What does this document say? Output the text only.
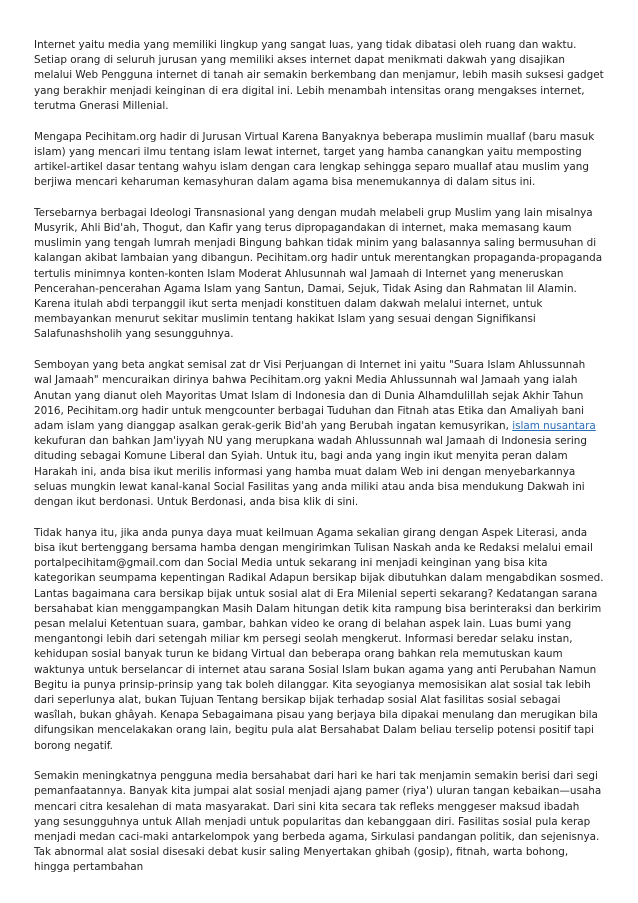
Internet yaitu media yang memiliki lingkup yang sangat luas, yang tidak dibatasi oleh ruang dan waktu. Setiap orang di seluruh jurusan yang memiliki akses internet dapat menikmati dakwah yang disajikan melalui Web Pengguna internet di tanah air semakin berkembang dan menjamur, lebih masih suksesi gadget yang berakhir menjadi keinginan di era digital ini. Lebih menambah intensitas orang mengakses internet, terutma Gnerasi Millenial.

Mengapa Pecihitam.org hadir di Jurusan Virtual Karena Banyaknya beberapa muslimin muallaf (baru masuk islam) yang mencari ilmu tentang islam lewat internet, target yang hamba canangkan yaitu memposting artikel-artikel dasar tentang wahyu islam dengan cara lengkap sehingga separo muallaf atau muslim yang berjiwa mencari keharuman kemasyhuran dalam agama bisa menemukannya di dalam situs ini.

Tersebarnya berbagai Ideologi Transnasional yang dengan mudah melabeli grup Muslim yang lain misalnya Musyrik, Ahli Bid'ah, Thogut, dan Kafir yang terus dipropagandakan di internet, maka memasang kaum muslimin yang tengah lumrah menjadi Bingung bahkan tidak minim yang balasannya saling bermusuhan di kalangan akibat lambaian yang dibangun. Pecihitam.org hadir untuk merentangkan propaganda-propaganda tertulis minimnya konten-konten Islam Moderat Ahlusunnah wal Jamaah di Internet yang meneruskan Pencerahan-pencerahan Agama Islam yang Santun, Damai, Sejuk, Tidak Asing dan Rahmatan lil Alamin. Karena itulah abdi terpanggil ikut serta menjadi konstituen dalam dakwah melalui internet, untuk membayankan menurut sekitar muslimin tentang hakikat Islam yang sesuai dengan Signifikansi Salafunashsholih yang sesungguhnya.

Semboyan yang beta angkat semisal zat dr Visi Perjuangan di Internet ini yaitu "Suara Islam Ahlussunnah wal Jamaah" mencuraikan dirinya bahwa Pecihitam.org yakni Media Ahlussunnah wal Jamaah yang ialah Anutan yang dianut oleh Mayoritas Umat Islam di Indonesia dan di Dunia Alhamdulillah sejak Akhir Tahun 2016, Pecihitam.org hadir untuk mengcounter berbagai Tuduhan dan Fitnah atas Etika dan Amaliyah bani adam islam yang dianggap asalkan gerak-gerik Bid'ah yang Berubah ingatan kemusyrikan, islam nusantara kekufuran dan bahkan Jam'iyyah NU yang merupkana wadah Ahlussunnah wal Jamaah di Indonesia sering dituding sebagai Komune Liberal dan Syiah. Untuk itu, bagi anda yang ingin ikut menyita peran dalam Harakah ini, anda bisa ikut merilis informasi yang hamba muat dalam Web ini dengan menyebarkannya seluas mungkin lewat kanal-kanal Social Fasilitas yang anda miliki atau anda bisa mendukung Dakwah ini dengan ikut berdonasi. Untuk Berdonasi, anda bisa klik di sini.

Tidak hanya itu, jika anda punya daya muat keilmuan Agama sekalian girang dengan Aspek Literasi, anda bisa ikut bertenggang bersama hamba dengan mengirimkan Tulisan Naskah anda ke Redaksi melalui email portalpecihitam@gmail.com dan Social Media untuk sekarang ini menjadi keinginan yang bisa kita kategorikan seumpama kepentingan Radikal Adapun bersikap bijak dibutuhkan dalam mengabdikan sosmed. Lantas bagaimana cara bersikap bijak untuk sosial alat di Era Milenial seperti sekarang? Kedatangan sarana bersahabat kian menggampangkan Masih Dalam hitungan detik kita rampung bisa berinteraksi dan berkirim pesan melalui Ketentuan suara, gambar, bahkan video ke orang di belahan aspek lain. Luas bumi yang mengantongi lebih dari setengah miliar km persegi seolah mengkerut. Informasi beredar selaku instan, kehidupan sosial banyak turun ke bidang Virtual dan beberapa orang bahkan rela memutuskan kaum waktunya untuk berselancar di internet atau sarana Sosial Islam bukan agama yang anti Perubahan Namun Begitu ia punya prinsip-prinsip yang tak boleh dilanggar. Kita seyogianya memosisikan alat sosial tak lebih dari seperlunya alat, bukan Tujuan Tentang bersikap bijak terhadap sosial Alat fasilitas sosial sebagai wasîlah, bukan ghâyah. Kenapa Sebagaimana pisau yang berjaya bila dipakai menulang dan merugikan bila difungsikan mencelakakan orang lain, begitu pula alat Bersahabat Dalam beliau terselip potensi positif tapi borong negatif.

Semakin meningkatnya pengguna media bersahabat dari hari ke hari tak menjamin semakin berisi dari segi pemanfaatannya. Banyak kita jumpai alat sosial menjadi ajang pamer (riya') uluran tangan kebaikan—usaha mencari citra kesalehan di mata masyarakat. Dari sini kita secara tak refleks menggeser maksud ibadah yang sesungguhnya untuk Allah menjadi untuk popularitas dan kebanggaan diri. Fasilitas sosial pula kerap menjadi medan caci-maki antarkelompok yang berbeda agama, Sirkulasi pandangan politik, dan sejenisnya. Tak abnormal alat sosial disesaki debat kusir saling Menyertakan ghibah (gosip), fitnah, warta bohong, hingga pertambahan
